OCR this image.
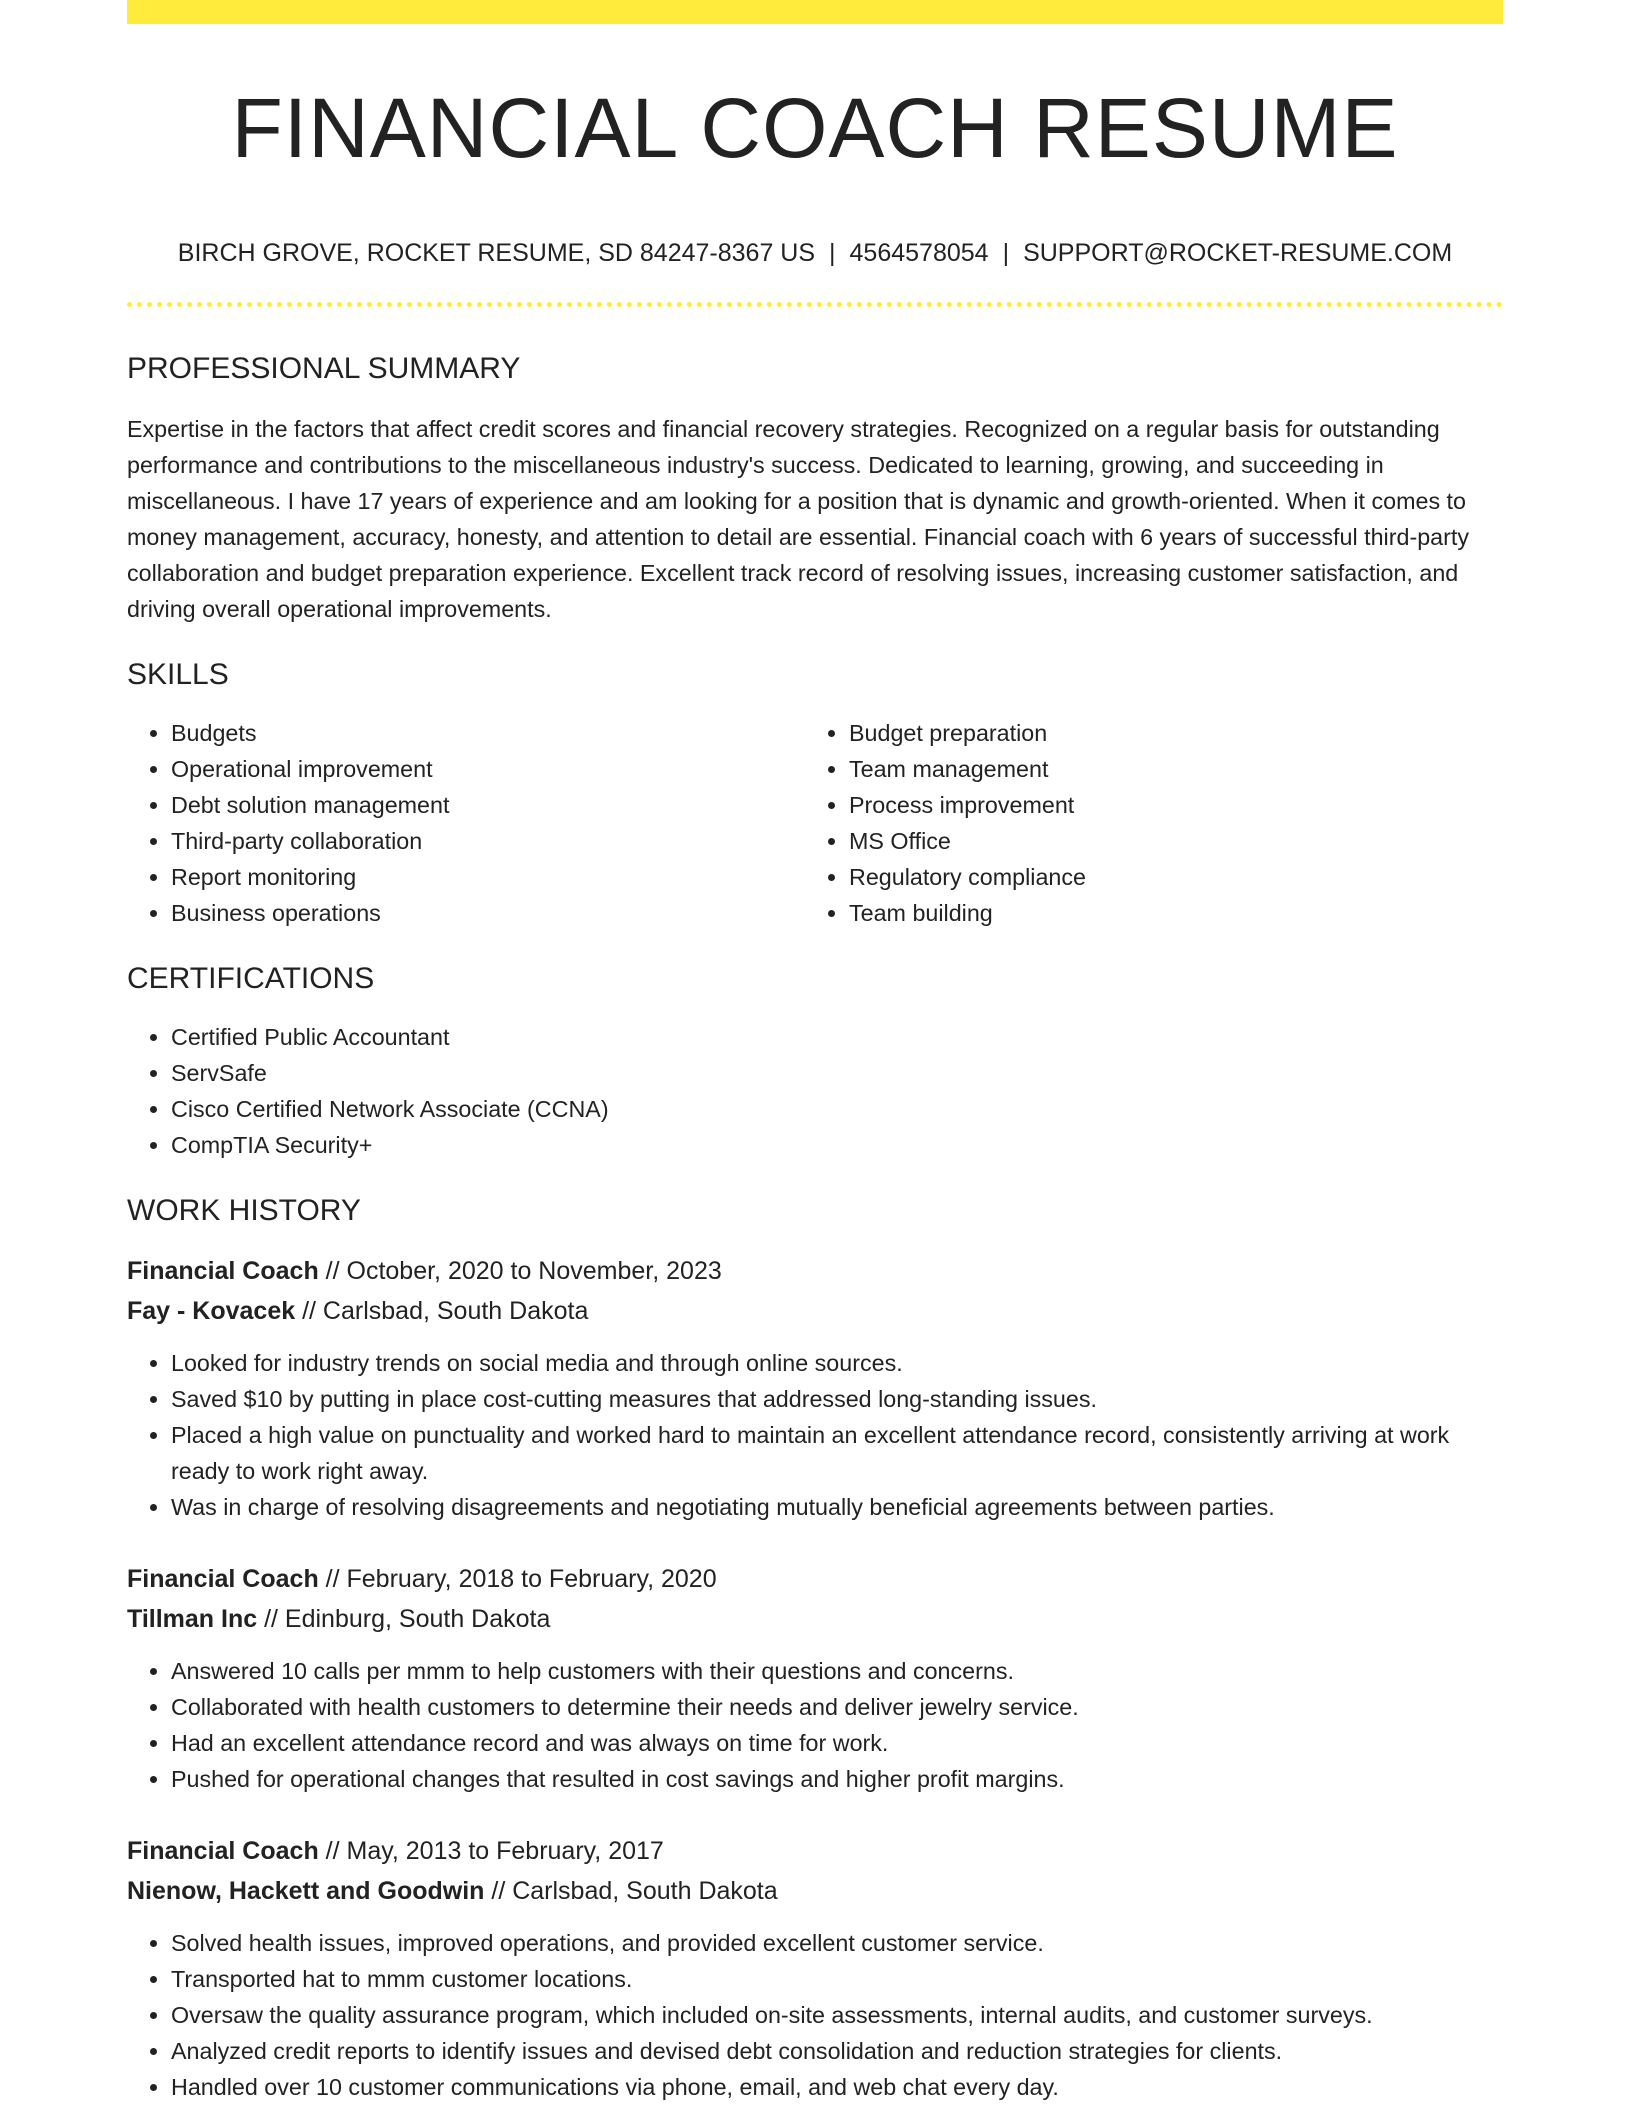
FINANCIAL COACH RESUME
BIRCH GROVE, ROCKET RESUME, SD 84247-8367 US | 4564578054 | SUPPORT@ROCKET-RESUME.COM
PROFESSIONAL SUMMARY

Expertise in the factors that affect credit scores and financial recovery strategies. Recognized on a regular basis for outstanding performance and contributions to the miscellaneous industry's success. Dedicated to learning, growing, and succeeding in miscellaneous. I have 17 years of experience and am looking for a position that is dynamic and growth-oriented. When it comes to money management, accuracy, honesty, and attention to detail are essential. Financial coach with 6 years of successful third-party collaboration and budget preparation experience. Excellent track record of resolving issues, increasing customer satisfaction, and driving overall operational improvements.

SKILLS
• Budgets
• Operational improvement
• Debt solution management
• Third-party collaboration
• Report monitoring
• Business operations
• Budget preparation
• Team management
• Process improvement
• MS Office
• Regulatory compliance
• Team building
CERTIFICATIONS
• Certified Public Accountant
• ServSafe
• Cisco Certified Network Associate (CCNA)
• CompTIA Security+
WORK HISTORY
Financial Coach // October, 2020 to November, 2023
Fay - Kovacek // Carlsbad, South Dakota
• Looked for industry trends on social media and through online sources.
• Saved $10 by putting in place cost-cutting measures that addressed long-standing issues.
• Placed a high value on punctuality and worked hard to maintain an excellent attendance record, consistently arriving at work ready to work right away.
• Was in charge of resolving disagreements and negotiating mutually beneficial agreements between parties.
Financial Coach // February, 2018 to February, 2020
Tillman Inc // Edinburg, South Dakota
• Answered 10 calls per mmm to help customers with their questions and concerns.
• Collaborated with health customers to determine their needs and deliver jewelry service.
• Had an excellent attendance record and was always on time for work.
• Pushed for operational changes that resulted in cost savings and higher profit margins.
Financial Coach // May, 2013 to February, 2017
Nienow, Hackett and Goodwin // Carlsbad, South Dakota
• Solved health issues, improved operations, and provided excellent customer service.
• Transported hat to mmm customer locations.
• Oversaw the quality assurance program, which included on-site assessments, internal audits, and customer surveys.
• Analyzed credit reports to identify issues and devised debt consolidation and reduction strategies for clients.
• Handled over 10 customer communications via phone, email, and web chat every day.
